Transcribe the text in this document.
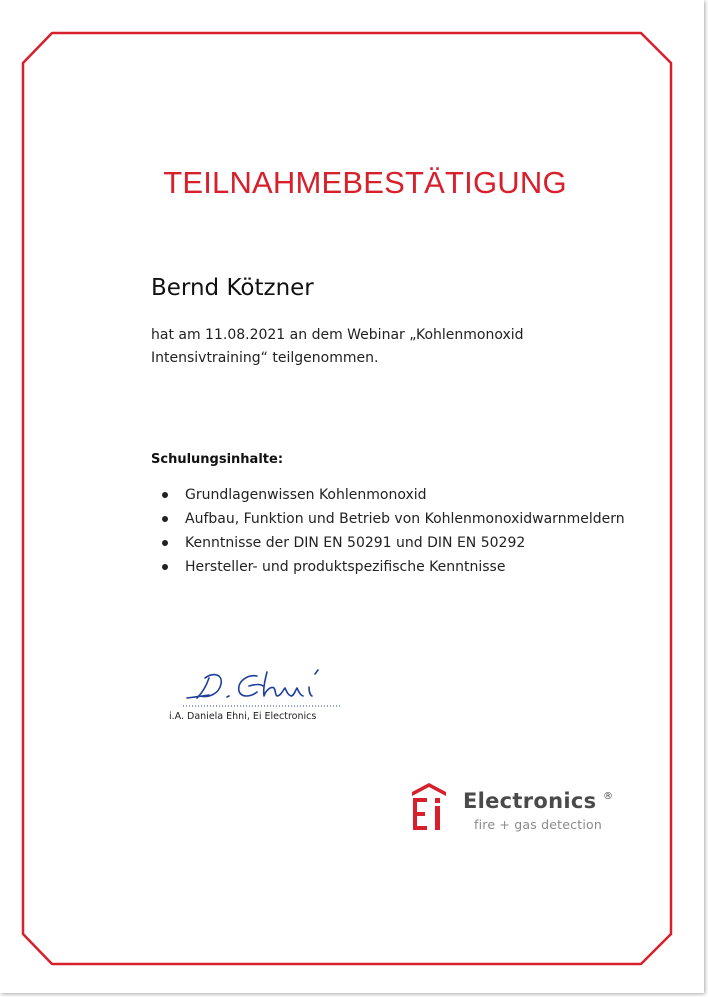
TEILNAHMEBESTÄTIGUNG
Bernd Kötzner
hat am 11.08.2021 an dem Webinar „Kohlenmonoxid
Intensivtraining“ teilgenommen.
Schulungsinhalte:
Grundlagenwissen Kohlenmonoxid
Aufbau, Funktion und Betrieb von Kohlenmonoxidwarnmeldern
Kenntnisse der DIN EN 50291 und DIN EN 50292
Hersteller- und produktspezifische Kenntnisse
i.A. Daniela Ehni, Ei Electronics
Electronics ®
fire + gas detection
